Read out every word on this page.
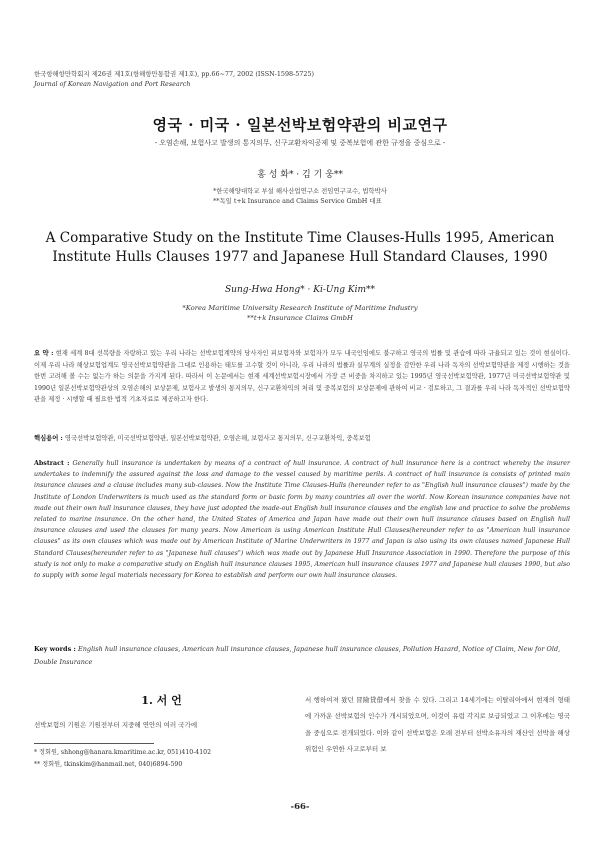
한국항해항만학회지 제26권 제1호(항해항만통합권 제1호), pp.66~77, 2002 (ISSN-1598-5725)
Journal of Korean Navigation and Port Research
영국 · 미국 · 일본선박보험약관의 비교연구
- 오염손해, 보험사고 발생의 통지의무, 신구교환차익공제 및 중복보험에 관한 규정을 중심으로 -
홍 성 화* · 김 기 웅**
*한국해양대학교 부설 해사산업연구소 전임연구교수, 법학박사
**독일 t+k Insurance and Claims Service GmbH 대표
A Comparative Study on the Institute Time Clauses-Hulls 1995, American
Institute Hulls Clauses 1977 and Japanese Hull Standard Clauses, 1990
Sung-Hwa Hong* · Ki-Ung Kim**
*Korea Maritime University Research Institute of Maritime Industry
**t+k Insurance Claims GmbH
요 약 : 현재 세계 8대 선복량을 자랑하고 있는 우리 나라는 선박보험계약의 당사자인 피보험자와 보험자가 모두 내국인임에도 불구하고 영국의 법률 및 관습에 따라 규율되고 있는 것이 현실이다. 이제 우리 나라 해상보험업계도 영국선박보험약관을 그대로 인용하는 태도를 고수할 것이 아니라, 우리 나라의 법률과 실무계의 실정을 감안한 우리 나라 독자의 선박보험약관을 제정 시행하는 것을 한번 고려해 볼 수는 없는가 하는 의문을 가지게 된다. 따라서 이 논문에서는 현재 세계선박보험시장에서 가장 큰 비중을 차지하고 있는 1995년 영국선박보험약관, 1977년 미국선박보험약관 및 1990년 일본선박보험약관상의 오염손해의 보상문제, 보험사고 발생의 통지의무, 신구교환차익의 처리 및 중복보험의 보상문제에 관하여 비교 · 검토하고, 그 결과를 우리 나라 독자적인 선박보험약관을 제정 · 시행할 때 필요한 법적 기초자료로 제공하고자 한다.
핵심용어 : 영국선박보험약관, 미국선박보험약관, 일본선박보험약관, 오염손해, 보험사고 통지의무, 신구교환차익, 중복보험
Abstract : Generally hull insurance is undertaken by means of a contract of hull insurance. A contract of hull insurance here is a contract whereby the insurer undertakes to indemnify the assured against the loss and damage to the vessel caused by maritime perils. A contract of hull insurance is consists of printed main insurance clauses and a clause includes many sub-clauses. Now the Institute Time Clauses-Hulls (hereunder refer to as "English hull insurance clauses") made by the Institute of London Underwriters is much used as the standard form or basic form by many countries all over the world. Now Korean insurance companies have not made out their own hull insurance clauses, they have just adopted the made-out English hull insurance clauses and the english law and practice to solve the problems related to marine insurance. On the other hand, the United States of America and Japan have made out their own hull insurance clauses based on English hull insurance clauses and used the clauses for many years. Now American is using American Institute Hull Clauses(hereunder refer to as "American hull insurance clauses" as its own clauses which was made out by American Institute of Marine Underwriters in 1977 and Japan is also using its own clauses named Japanese Hull Standard Clauses(hereunder refer to as "Japanese hull clauses") which was made out by Japanese Hull Insurance Association in 1990. Therefore the purpose of this study is not only to make a comparative study on English hull insurance clauses 1995, American hull insurance clauses 1977 and Japanese hull clauses 1990, but also to supply with some legal materials necessary for Korea to establish and perform our own hull insurance clauses.
Key words : English hull insurance clauses, American hull insurance clauses, Japanese hull insurance clauses, Pollution Hazard, Notice of Claim, New for Old, Double Insurance
1. 서 언
선박보험의 기원은 기원전부터 지중해 연안의 여러 국가에
서 행하여져 왔던 冒險貸借에서 찾을 수 있다. 그리고 14세기에는 이탈리아에서 현재의 형태에 가까운 선박보험의 인수가 개시되었으며, 이것이 유럽 각지로 보급되었고 그 이후에는 영국을 중심으로 전개되었다. 이와 같이 선박보험은 오래 전부터 선박소유자의 재산인 선박을 해상위험인 우연한 사고로부터 보
* 정회원, shhong@hanara.kmaritime.ac.kr, 051)410-4102
** 정회원, tkinskim@hanmail.net, 040)6894-590
-66-
